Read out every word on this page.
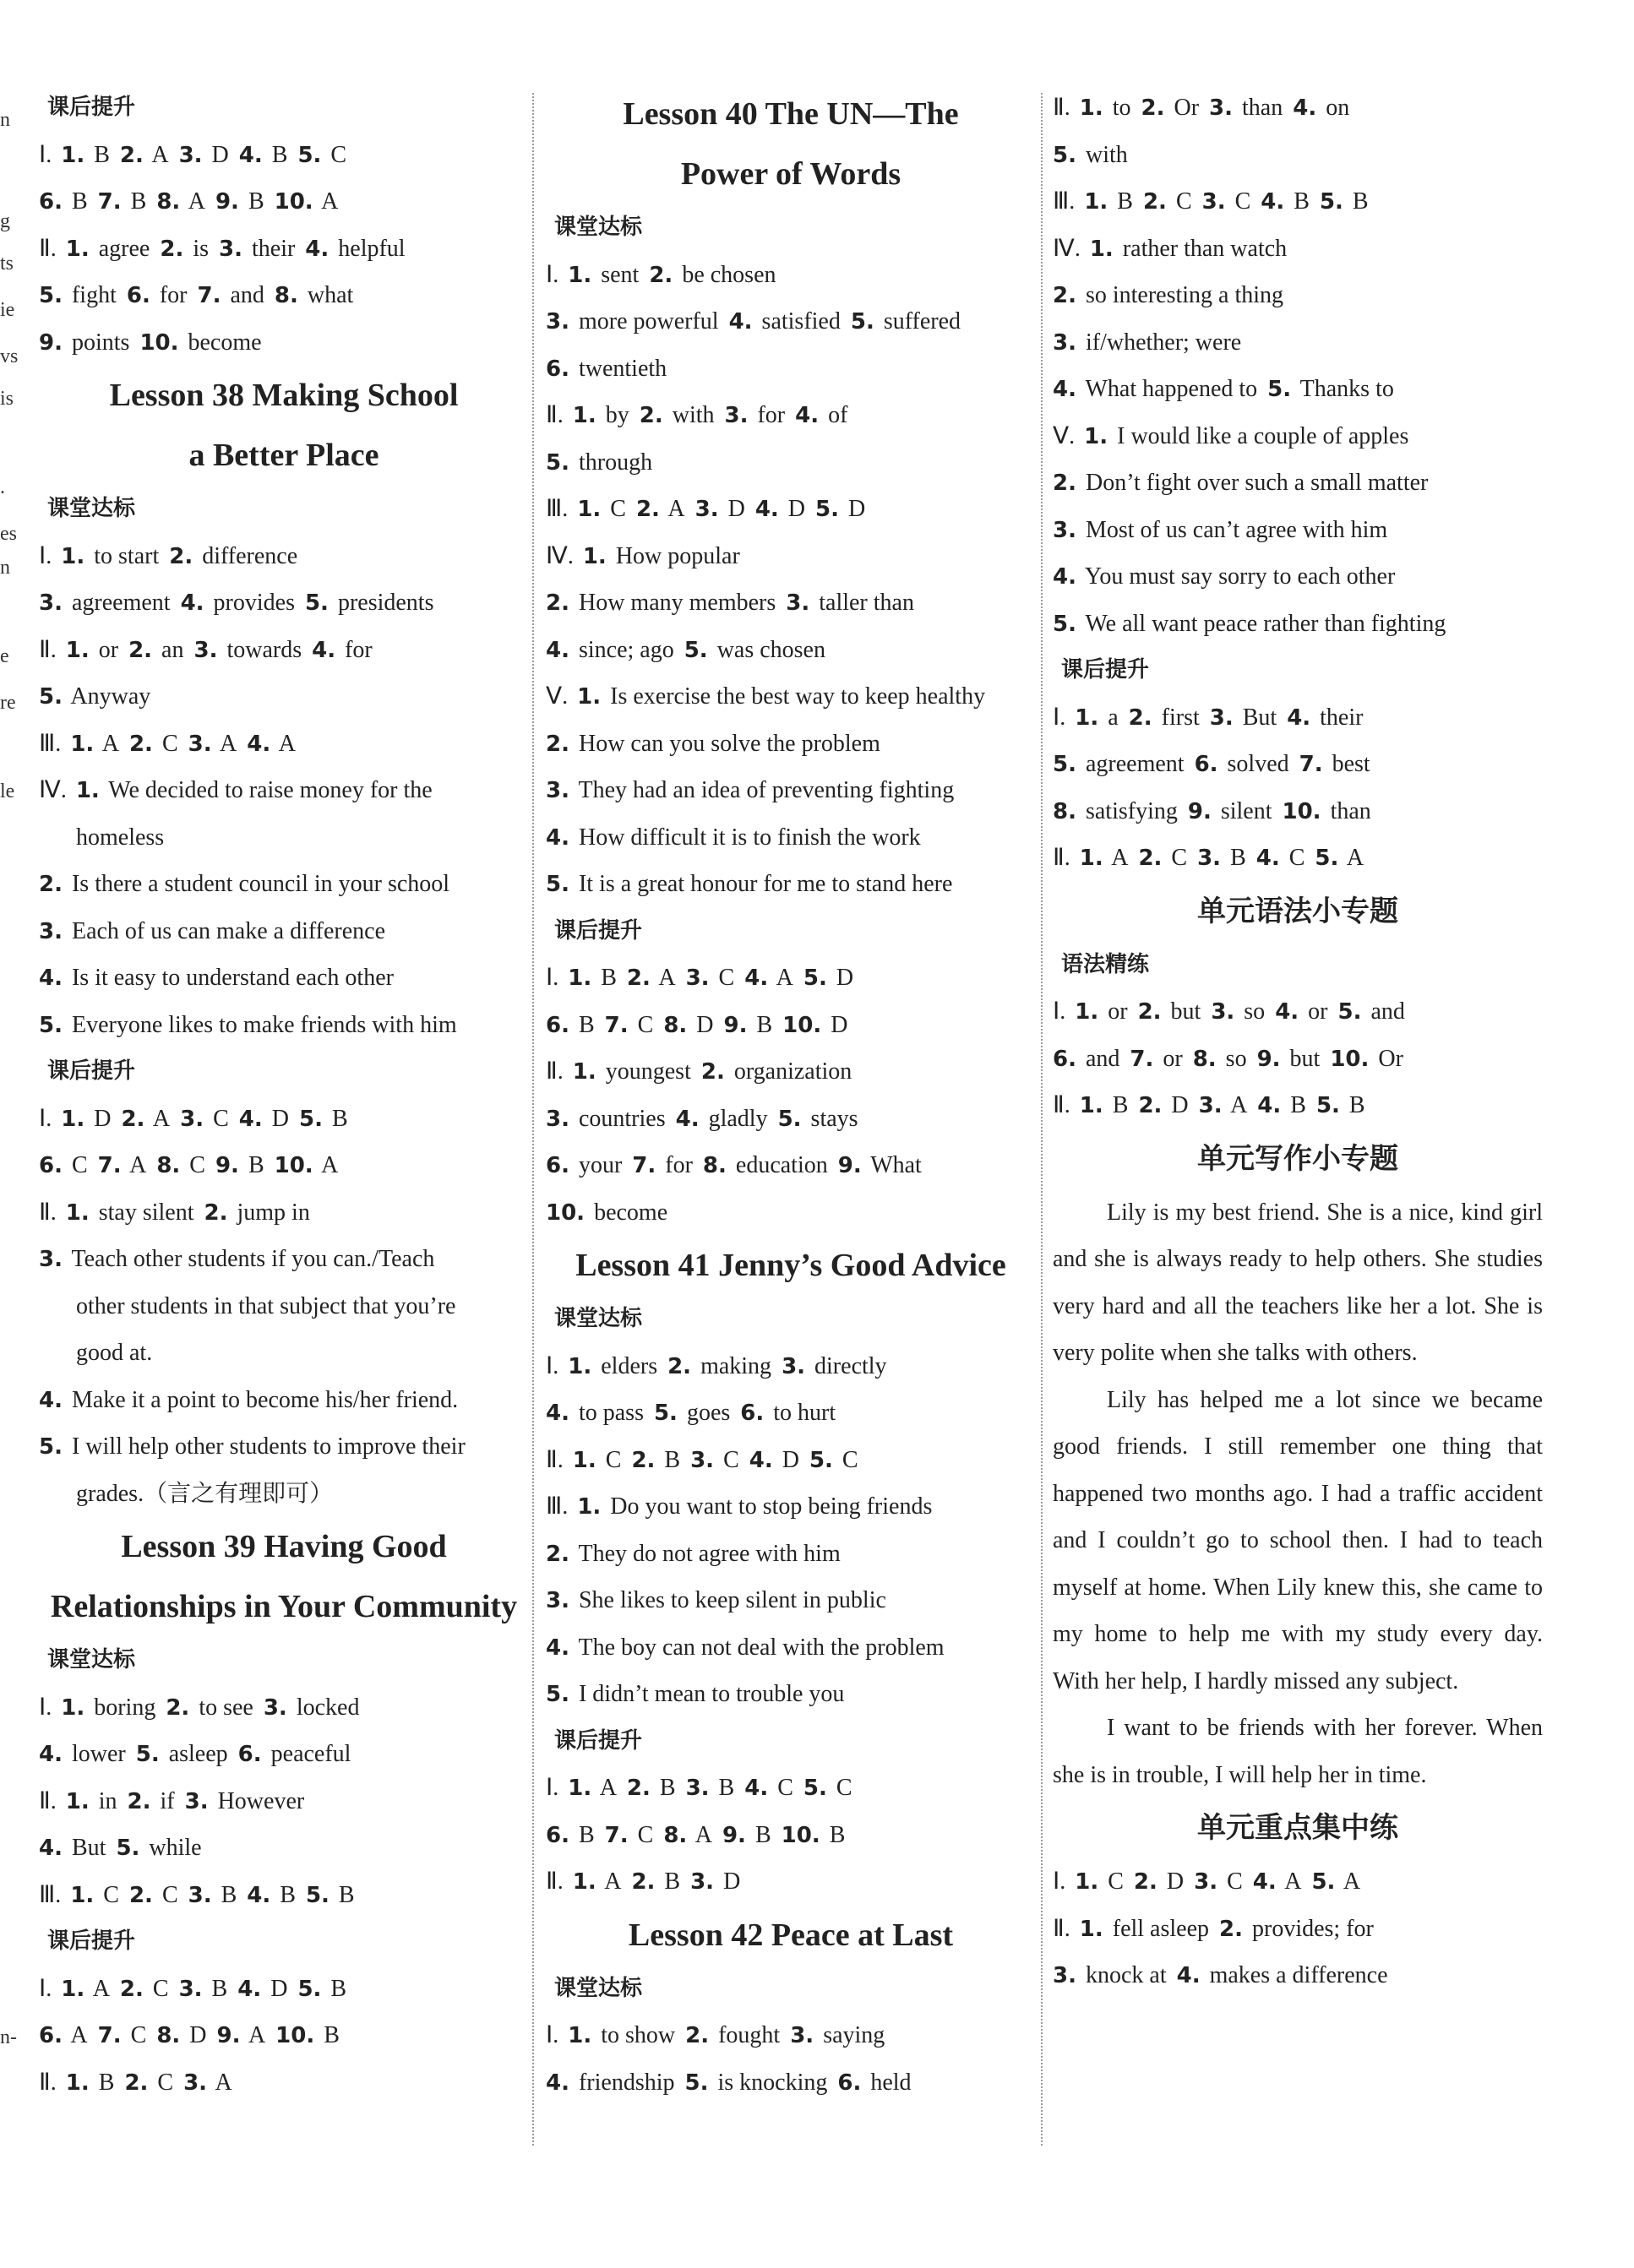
n
g
ts
ie
vs
is
.
es
n
e
re
le
n-
课后提升
Ⅰ. 1. B 2. A 3. D 4. B 5. C
6. B 7. B 8. A 9. B 10. A
Ⅱ. 1. agree 2. is 3. their 4. helpful
5. fight 6. for 7. and 8. what
9. points 10. become
Lesson 38 Making School
a Better Place
课堂达标
Ⅰ. 1. to start 2. difference
3. agreement 4. provides 5. presidents
Ⅱ. 1. or 2. an 3. towards 4. for
5. Anyway
Ⅲ. 1. A 2. C 3. A 4. A
Ⅳ. 1. We decided to raise money for the
homeless
2. Is there a student council in your school
3. Each of us can make a difference
4. Is it easy to understand each other
5. Everyone likes to make friends with him
课后提升
Ⅰ. 1. D 2. A 3. C 4. D 5. B
6. C 7. A 8. C 9. B 10. A
Ⅱ. 1. stay silent 2. jump in
3. Teach other students if you can./Teach
other students in that subject that you’re
good at.
4. Make it a point to become his/her friend.
5. I will help other students to improve their
grades.（言之有理即可）
Lesson 39 Having Good
Relationships in Your Community
课堂达标
Ⅰ. 1. boring 2. to see 3. locked
4. lower 5. asleep 6. peaceful
Ⅱ. 1. in 2. if 3. However
4. But 5. while
Ⅲ. 1. C 2. C 3. B 4. B 5. B
课后提升
Ⅰ. 1. A 2. C 3. B 4. D 5. B
6. A 7. C 8. D 9. A 10. B
Ⅱ. 1. B 2. C 3. A
Lesson 40 The UN—The
Power of Words
课堂达标
Ⅰ. 1. sent 2. be chosen
3. more powerful 4. satisfied 5. suffered
6. twentieth
Ⅱ. 1. by 2. with 3. for 4. of
5. through
Ⅲ. 1. C 2. A 3. D 4. D 5. D
Ⅳ. 1. How popular
2. How many members 3. taller than
4. since; ago 5. was chosen
Ⅴ. 1. Is exercise the best way to keep healthy
2. How can you solve the problem
3. They had an idea of preventing fighting
4. How difficult it is to finish the work
5. It is a great honour for me to stand here
课后提升
Ⅰ. 1. B 2. A 3. C 4. A 5. D
6. B 7. C 8. D 9. B 10. D
Ⅱ. 1. youngest 2. organization
3. countries 4. gladly 5. stays
6. your 7. for 8. education 9. What
10. become
Lesson 41 Jenny’s Good Advice
课堂达标
Ⅰ. 1. elders 2. making 3. directly
4. to pass 5. goes 6. to hurt
Ⅱ. 1. C 2. B 3. C 4. D 5. C
Ⅲ. 1. Do you want to stop being friends
2. They do not agree with him
3. She likes to keep silent in public
4. The boy can not deal with the problem
5. I didn’t mean to trouble you
课后提升
Ⅰ. 1. A 2. B 3. B 4. C 5. C
6. B 7. C 8. A 9. B 10. B
Ⅱ. 1. A 2. B 3. D
Lesson 42 Peace at Last
课堂达标
Ⅰ. 1. to show 2. fought 3. saying
4. friendship 5. is knocking 6. held
Ⅱ. 1. to 2. Or 3. than 4. on
5. with
Ⅲ. 1. B 2. C 3. C 4. B 5. B
Ⅳ. 1. rather than watch
2. so interesting a thing
3. if/whether; were
4. What happened to 5. Thanks to
Ⅴ. 1. I would like a couple of apples
2. Don’t fight over such a small matter
3. Most of us can’t agree with him
4. You must say sorry to each other
5. We all want peace rather than fighting
课后提升
Ⅰ. 1. a 2. first 3. But 4. their
5. agreement 6. solved 7. best
8. satisfying 9. silent 10. than
Ⅱ. 1. A 2. C 3. B 4. C 5. A
单元语法小专题
语法精练
Ⅰ. 1. or 2. but 3. so 4. or 5. and
6. and 7. or 8. so 9. but 10. Or
Ⅱ. 1. B 2. D 3. A 4. B 5. B
单元写作小专题

Lily is my best friend. She is a nice, kind girl and she is always ready to help others. She studies very hard and all the teachers like her a lot. She is very polite when she talks with others.

Lily has helped me a lot since we became good friends. I still remember one thing that happened two months ago. I had a traffic accident and I couldn’t go to school then. I had to teach myself at home. When Lily knew this, she came to my home to help me with my study every day. With her help, I hardly missed any subject.

I want to be friends with her forever. When she is in trouble, I will help her in time.

单元重点集中练
Ⅰ. 1. C 2. D 3. C 4. A 5. A
Ⅱ. 1. fell asleep 2. provides; for
3. knock at 4. makes a difference
